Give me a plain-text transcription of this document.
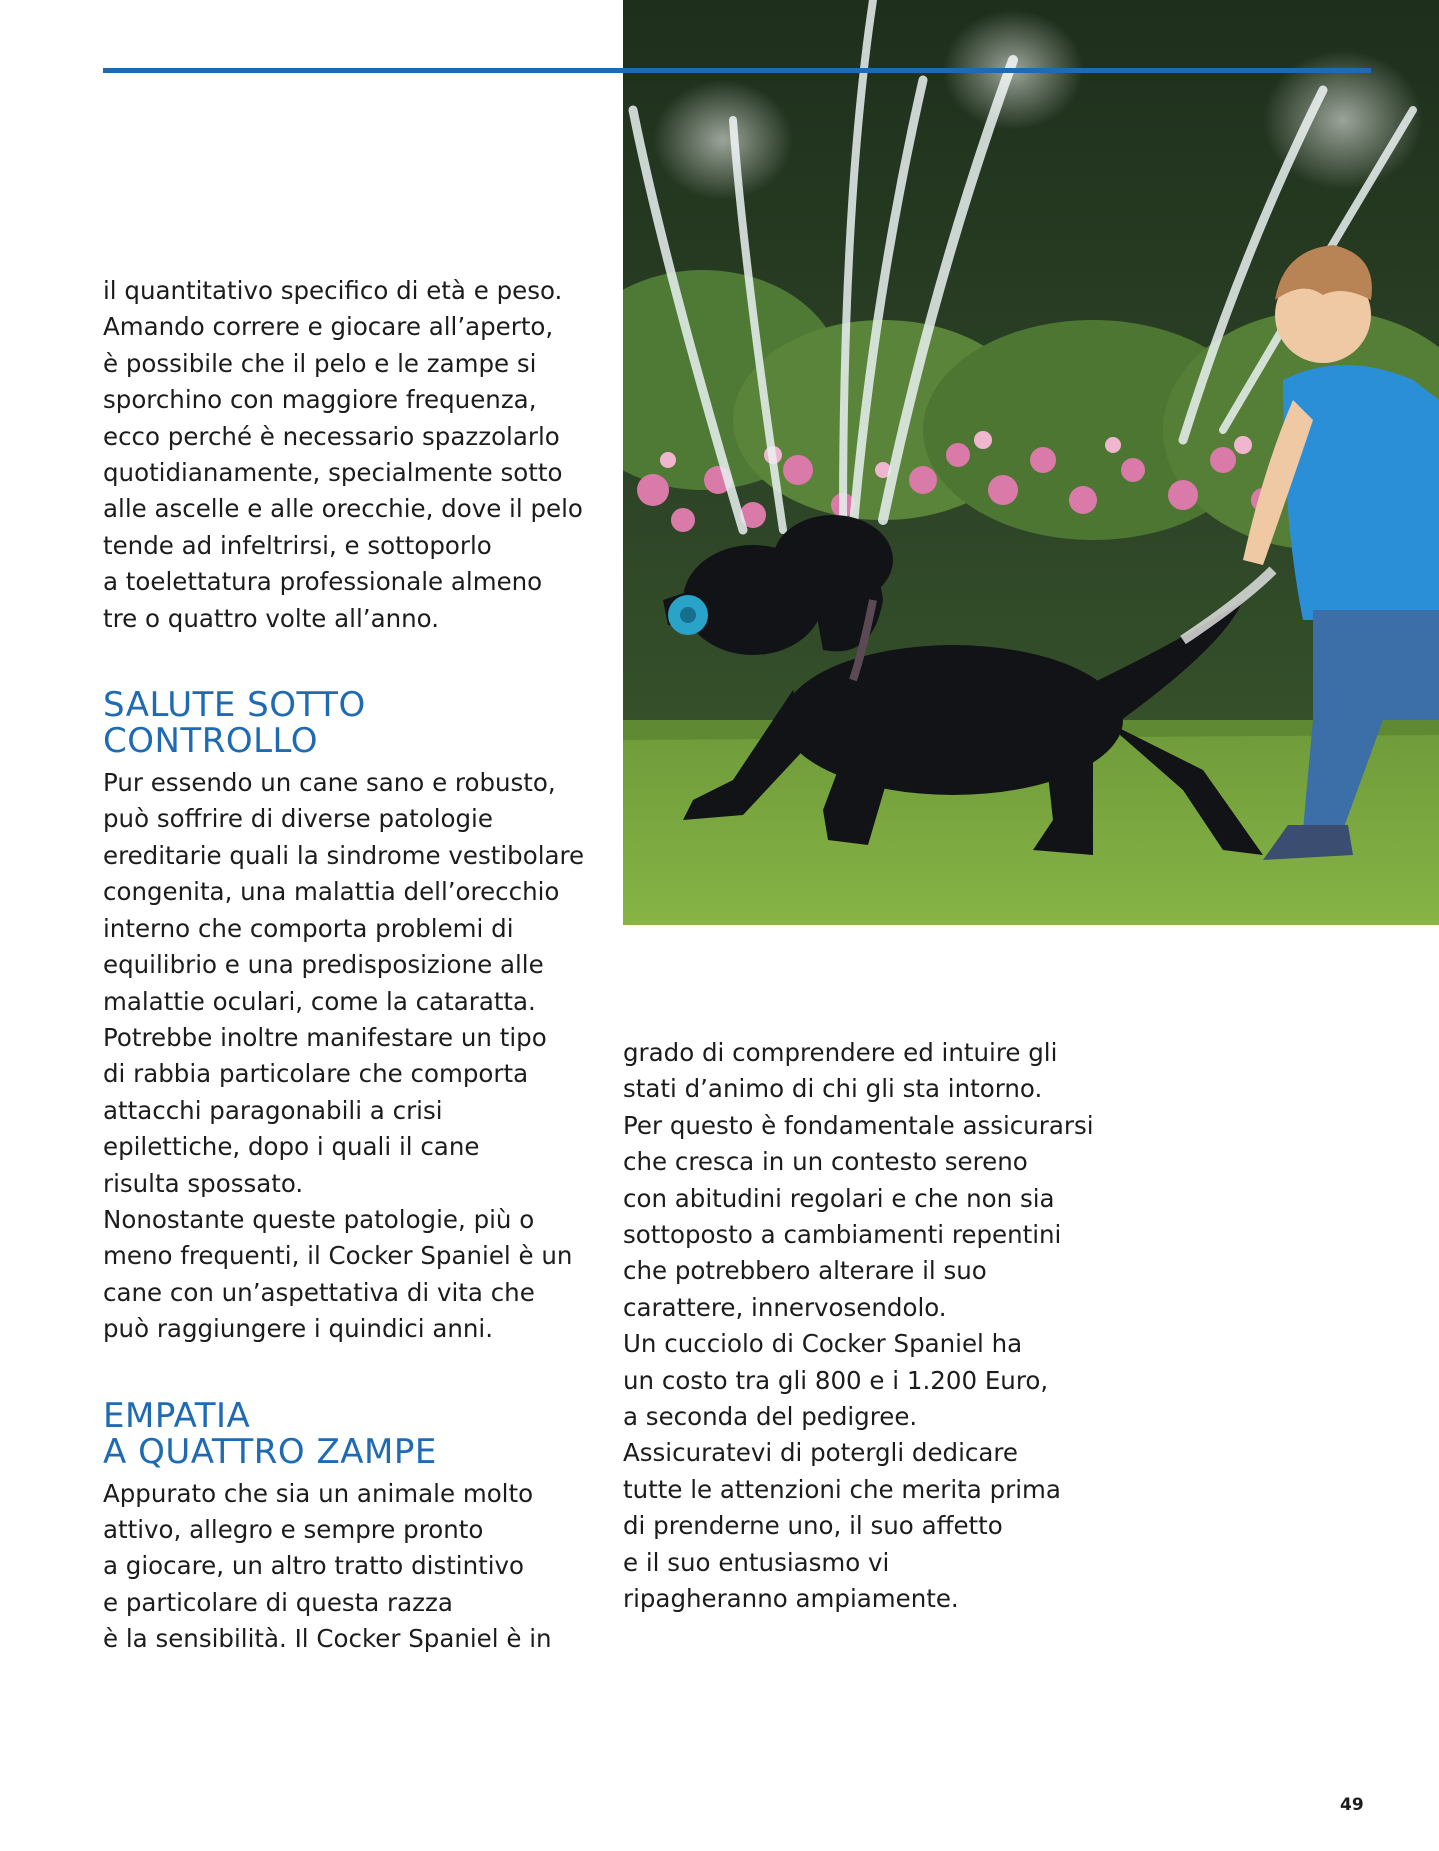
il quantitativo specifico di età e peso.
Amando correre e giocare all’aperto,
è possibile che il pelo e le zampe si
sporchino con maggiore frequenza,
ecco perché è necessario spazzolarlo
quotidianamente, specialmente sotto
alle ascelle e alle orecchie, dove il pelo
tende ad infeltrirsi, e sottoporlo
a toelettatura professionale almeno
tre o quattro volte all’anno.

SALUTE SOTTO
CONTROLLO

Pur essendo un cane sano e robusto,
può soffrire di diverse patologie
ereditarie quali la sindrome vestibolare
congenita, una malattia dell’orecchio
interno che comporta problemi di
equilibrio e una predisposizione alle
malattie oculari, come la cataratta.
Potrebbe inoltre manifestare un tipo
di rabbia particolare che comporta
attacchi paragonabili a crisi
epilettiche, dopo i quali il cane
risulta spossato.
Nonostante queste patologie, più o
meno frequenti, il Cocker Spaniel è un
cane con un’aspettativa di vita che
può raggiungere i quindici anni.

EMPATIA
A QUATTRO ZAMPE

Appurato che sia un animale molto
attivo, allegro e sempre pronto
a giocare, un altro tratto distintivo
e particolare di questa razza
è la sensibilità. Il Cocker Spaniel è in

grado di comprendere ed intuire gli
stati d’animo di chi gli sta intorno.
Per questo è fondamentale assicurarsi
che cresca in un contesto sereno
con abitudini regolari e che non sia
sottoposto a cambiamenti repentini
che potrebbero alterare il suo
carattere, innervosendolo.
Un cucciolo di Cocker Spaniel ha
un costo tra gli 800 e i 1.200 Euro,
a seconda del pedigree.
Assicuratevi di potergli dedicare
tutte le attenzioni che merita prima
di prenderne uno, il suo affetto
e il suo entusiasmo vi
ripagheranno ampiamente.

49
